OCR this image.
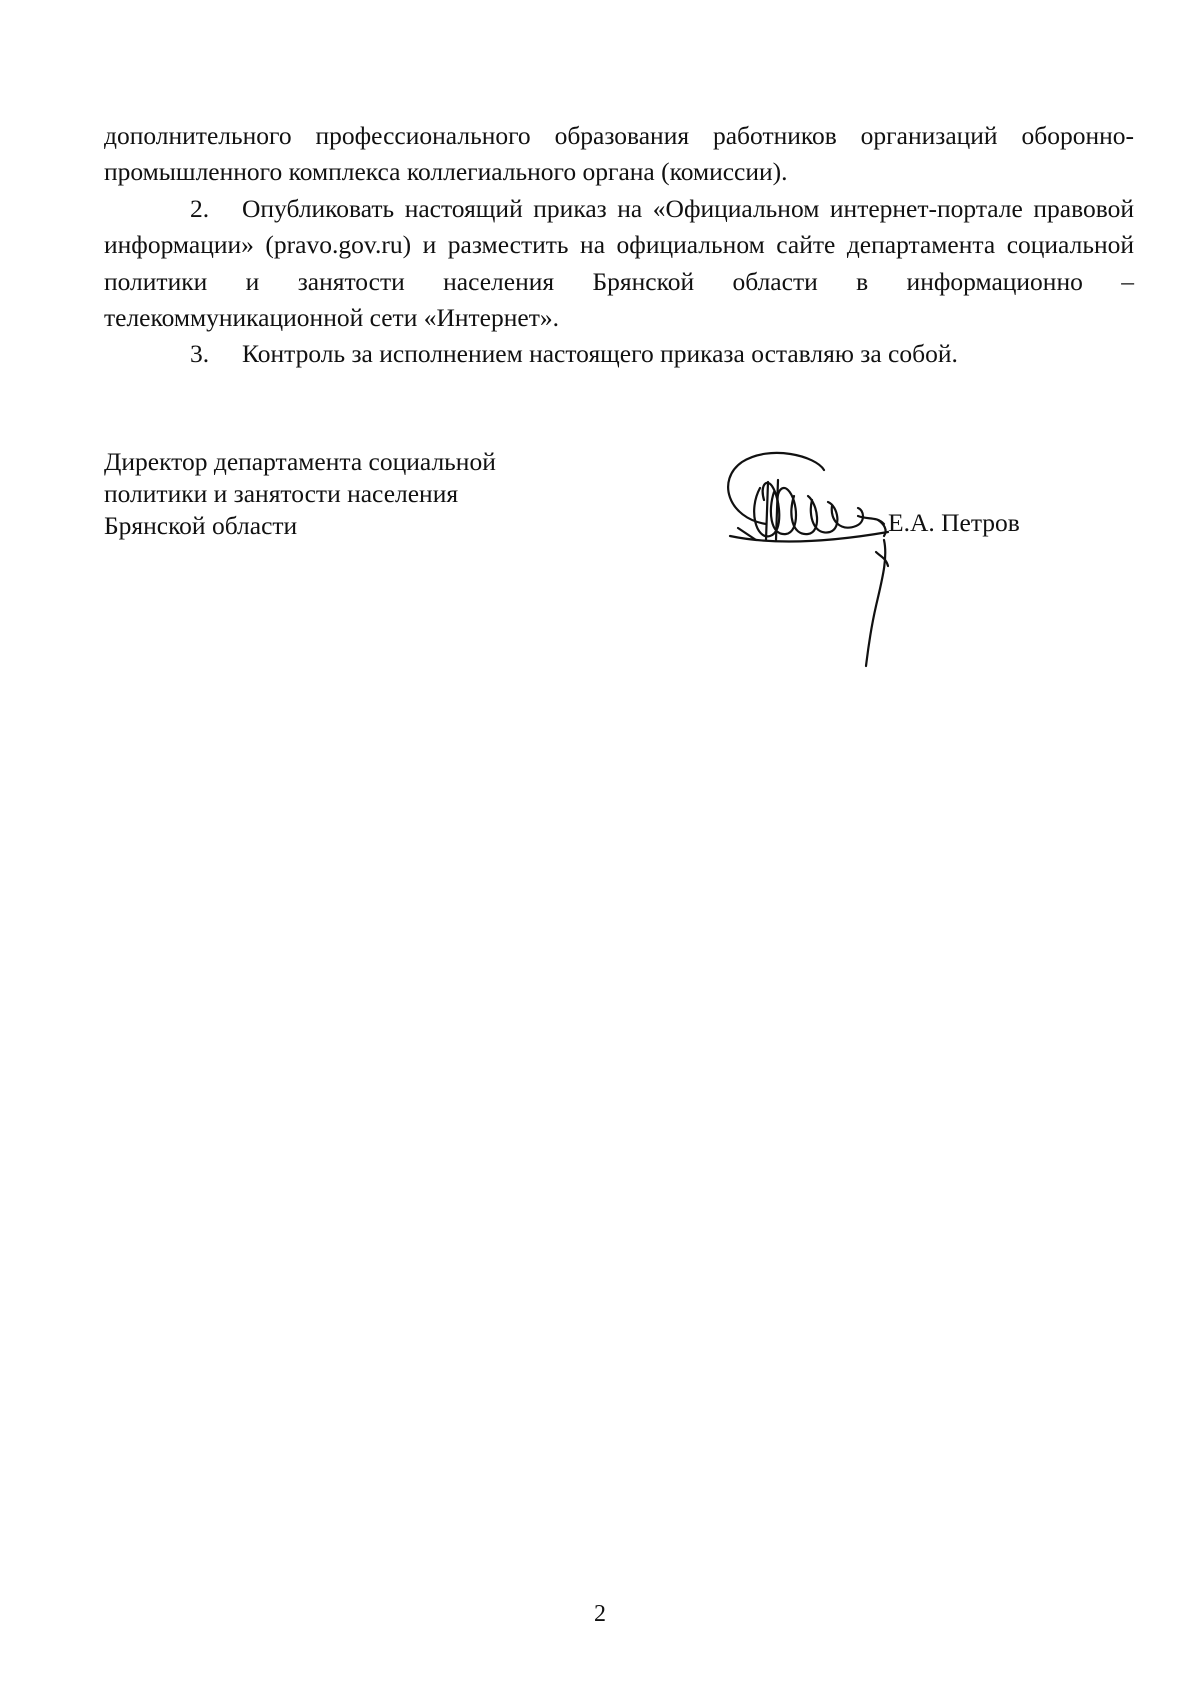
дополнительного профессионального образования работников организаций оборонно-промышленного комплекса коллегиального органа (комиссии).

2. Опубликовать настоящий приказ на «Официальном интернет-портале правовой информации» (pravo.gov.ru) и разместить на официальном сайте департамента социальной политики и занятости населения Брянской области в информационно – телекоммуникационной сети «Интернет».

3. Контроль за исполнением настоящего приказа оставляю за собой.

Директор департамента социальной
политики и занятости населения
Брянской области	Е.А. Петров
2
